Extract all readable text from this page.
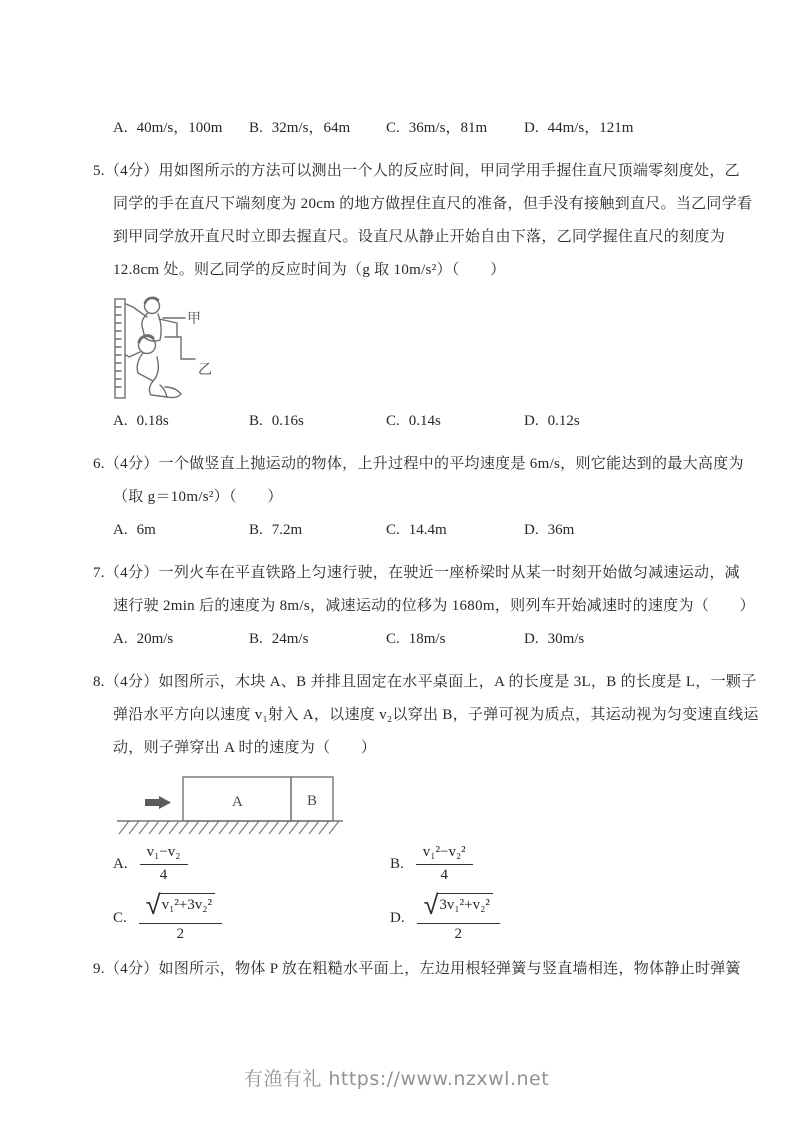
A. 40m/s，100m	B. 32m/s，64m	C. 36m/s，81m	D. 44m/s，121m
5.（4分）用如图所示的方法可以测出一个人的反应时间，甲同学用手握住直尺顶端零刻度处，乙
同学的手在直尺下端刻度为 20cm 的地方做捏住直尺的准备，但手没有接触到直尺。当乙同学看
到甲同学放开直尺时立即去握直尺。设直尺从静止开始自由下落，乙同学握住直尺的刻度为
12.8cm 处。则乙同学的反应时间为（g 取 10m/s²）（　　）
甲
乙
A. 0.18s	B. 0.16s	C. 0.14s	D. 0.12s
6.（4分）一个做竖直上抛运动的物体，上升过程中的平均速度是 6m/s，则它能达到的最大高度为
（取 g＝10m/s²）（　　）
A. 6m	B. 7.2m	C. 14.4m	D. 36m
7.（4分）一列火车在平直铁路上匀速行驶，在驶近一座桥梁时从某一时刻开始做匀减速运动，减
速行驶 2min 后的速度为 8m/s，减速运动的位移为 1680m，则列车开始减速时的速度为（　　）
A. 20m/s	B. 24m/s	C. 18m/s	D. 30m/s
8.（4分）如图所示，木块 A、B 并排且固定在水平桌面上，A 的长度是 3L，B 的长度是 L，一颗子
弹沿水平方向以速度 v₁射入 A，以速度 v₂以穿出 B，子弹可视为质点，其运动视为匀变速直线运
动，则子弹穿出 A 时的速度为（　　）
A	B
A. $\frac{\text{v₁−v₂}}{4}$	B. $\frac{\text{v₁²−v₂²}}{4}$
C. $\frac{\text{√ v₁²+3v₂²}}{2}$	D. $\frac{\text{√ 3v₁²+v₂²}}{2}$
9.（4分）如图所示，物体 P 放在粗糙水平面上，左边用根轻弹簧与竖直墙相连，物体静止时弹簧
有渔有礼 https://www.nzxwl.net
